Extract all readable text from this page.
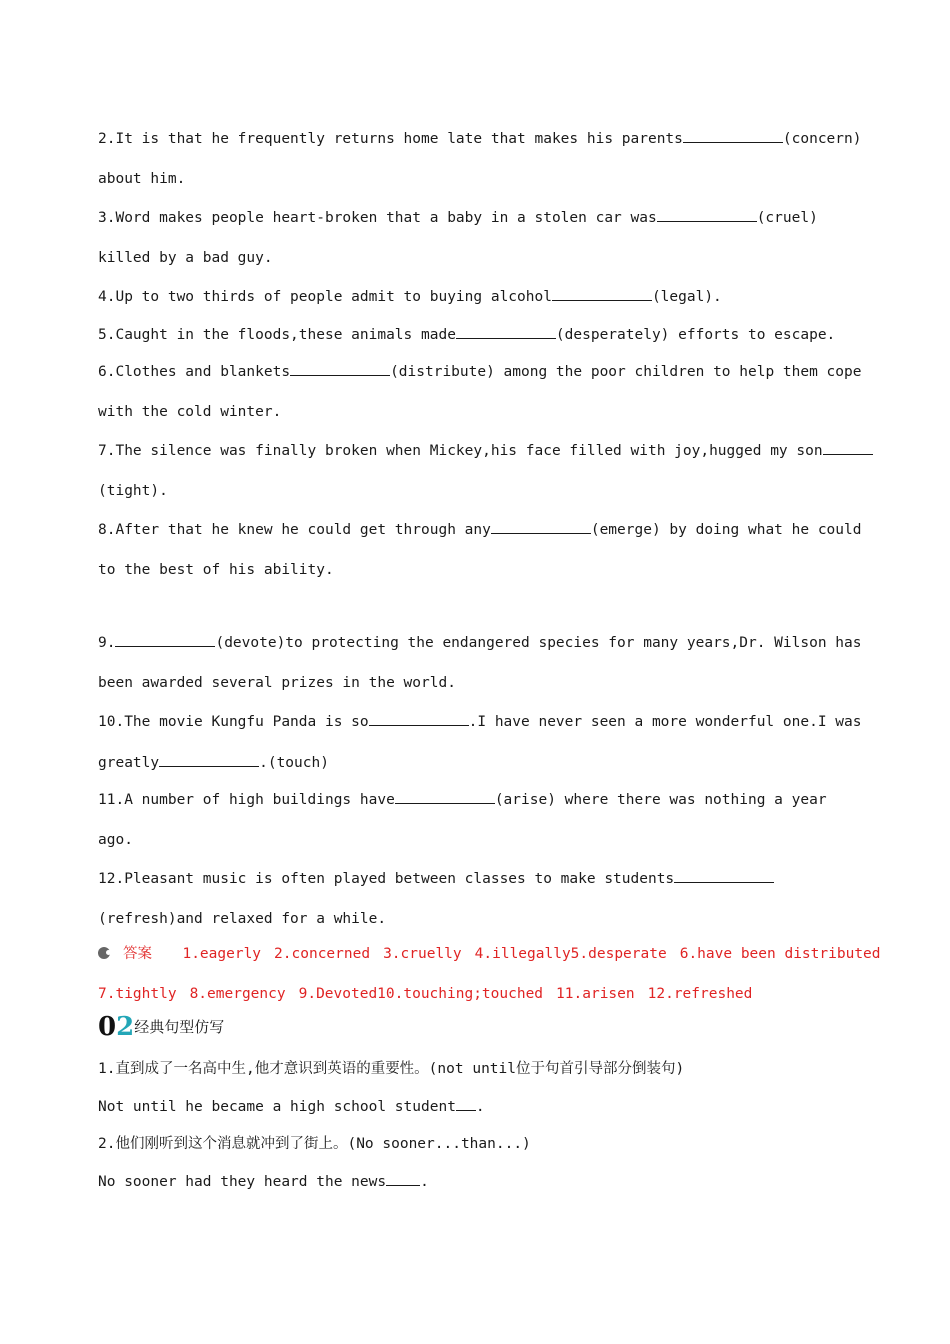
2.It is that he frequently returns home late that makes his parents	(concern)
about him.
3.Word makes people heart-broken that a baby in a stolen car was	(cruel)
killed by a bad guy.
4.Up to two thirds of people admit to buying alcohol	(legal).
5.Caught in the floods,these animals made	(desperately) efforts to escape.
6.Clothes and blankets	(distribute) among the poor children to help them cope
with the cold winter.
7.The silence was finally broken when Mickey,his face filled with joy,hugged my son
(tight).
8.After that he knew he could get through any	(emerge) by doing what he could
to the best of his ability.
9.	(devote)to protecting the endangered species for many years,Dr. Wilson has
been awarded several prizes in the world.
10.The movie Kungfu Panda is so	.I have never seen a more wonderful one.I was
greatly	.(touch)
11.A number of high buildings have	(arise) where there was nothing a year
ago.
12.Pleasant music is often played between classes to make students
(refresh)and relaxed for a while.
答案 1.eagerly 2.concerned 3.cruelly 4.illegally5.desperate 6.have been distributed
7.tightly 8.emergency 9.Devoted10.touching;touched 11.arisen 12.refreshed
02经典句型仿写
1.直到成了一名高中生,他才意识到英语的重要性。(not until位于句首引导部分倒装句)
Not until he became a high school student .
2.他们刚听到这个消息就冲到了街上。(No sooner...than...)
No sooner had they heard the news .
